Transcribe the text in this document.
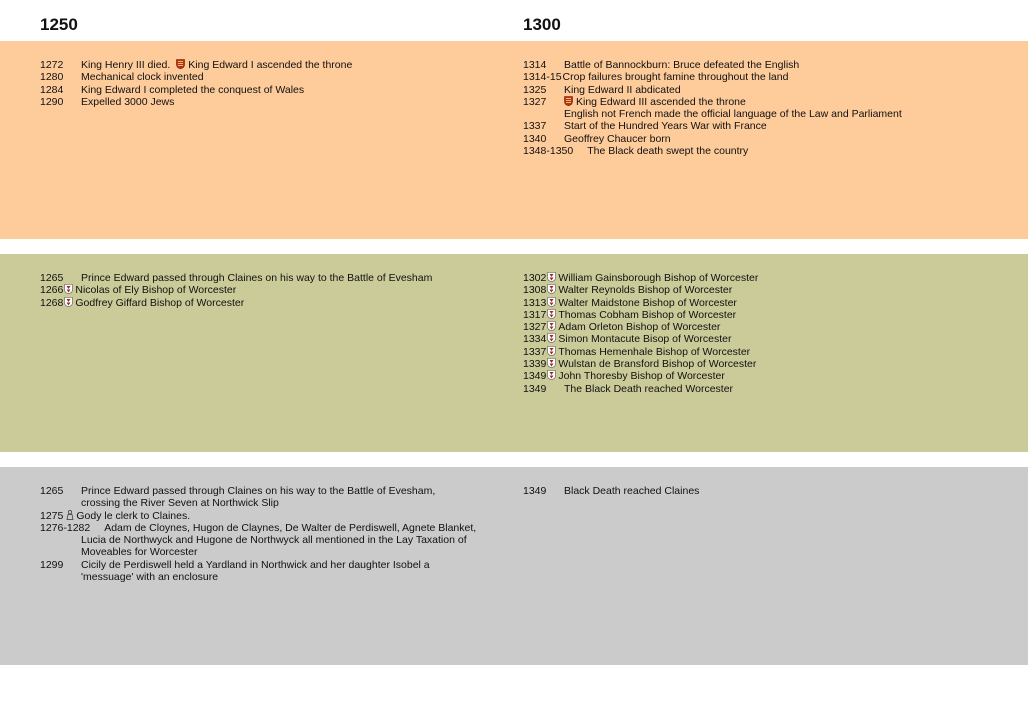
1250	1300
1272	King Henry III died. King Edward I ascended the throne
1280	Mechanical clock invented
1284	King Edward I completed the conquest of Wales
1290	Expelled 3000 Jews
1314	Battle of Bannockburn: Bruce defeated the English
1314-15 Crop failures brought famine throughout the land
1325	King Edward II abdicated
1327	King Edward III ascended the throne
English not French made the official language of the Law and Parliament
1337	Start of the Hundred Years War with France
1340	Geoffrey Chaucer born
1348-1350 The Black death swept the country
1265	Prince Edward passed through Claines on his way to the Battle of Evesham
1266 Nicolas of Ely Bishop of Worcester
1268 Godfrey Giffard Bishop of Worcester
1302 William Gainsborough Bishop of Worcester
1308 Walter Reynolds Bishop of Worcester
1313 Walter Maidstone Bishop of Worcester
1317 Thomas Cobham Bishop of Worcester
1327 Adam Orleton Bishop of Worcester
1334 Simon Montacute Bisop of Worcester
1337 Thomas Hemenhale Bishop of Worcester
1339 Wulstan de Bransford Bishop of Worcester
1349 John Thoresby Bishop of Worcester
1349	The Black Death reached Worcester
1265	Prince Edward passed through Claines on his way to the Battle of Evesham, crossing the River Seven at Northwick Slip
1275 Gody le clerk to Claines.
1276-1282 Adam de Cloynes, Hugon de Claynes, De Walter de Perdiswell, Agnete Blanket,
Lucia de Northwyck and Hugone de Northwyck all mentioned in the Lay Taxation of Moveables for Worcester
1299	Cicily de Perdiswell held a Yardland in Northwick and her daughter Isobel a 'messuage' with an enclosure
1349	Black Death reached Claines
